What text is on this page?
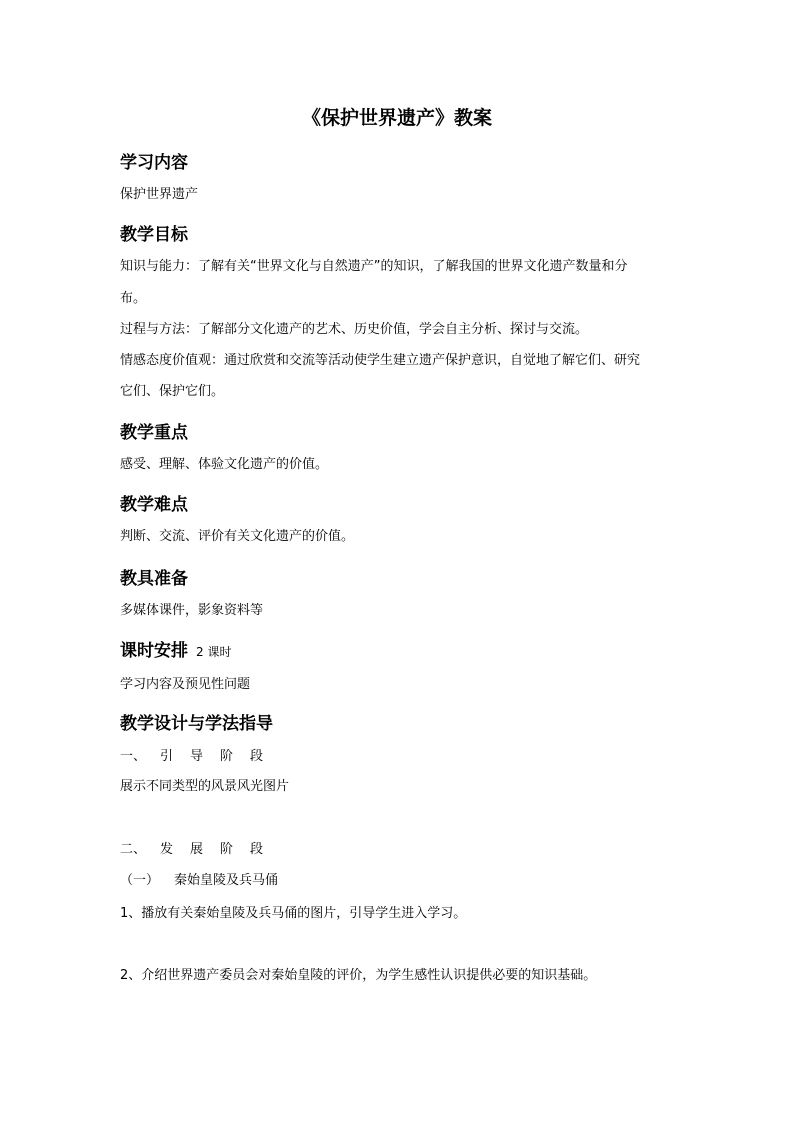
《保护世界遗产》教案
学习内容
保护世界遗产
教学目标
知识与能力：了解有关“世界文化与自然遗产”的知识，了解我国的世界文化遗产数量和分
布。
过程与方法：了解部分文化遗产的艺术、历史价值，学会自主分析、探讨与交流。
情感态度价值观：通过欣赏和交流等活动使学生建立遗产保护意识，自觉地了解它们、研究
它们、保护它们。
教学重点
感受、理解、体验文化遗产的价值。
教学难点
判断、交流、评价有关文化遗产的价值。
教具准备
多媒体课件，影象资料等
课时安排 2 课时
学习内容及预见性问题
教学设计与学法指导
一、 引 导 阶 段
展示不同类型的风景风光图片
二、 发 展 阶 段
（一） 秦始皇陵及兵马俑
1、播放有关秦始皇陵及兵马俑的图片，引导学生进入学习。
2、介绍世界遗产委员会对秦始皇陵的评价，为学生感性认识提供必要的知识基础。
